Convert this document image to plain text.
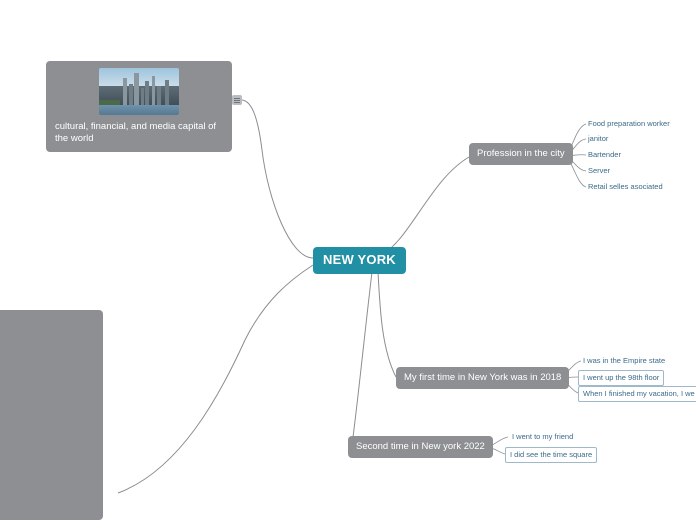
cultural, financial, and media capital of the world
NEW YORK
Profession in the city
Food preparation worker
janitor
Bartender
Server
Retail selles asociated
My first time in New York was in 2018
I was in the Empire state
I went up the 98th floor
When I finished my vacation, I we
Second time in New york 2022
I went to my friend
I did see the time square
